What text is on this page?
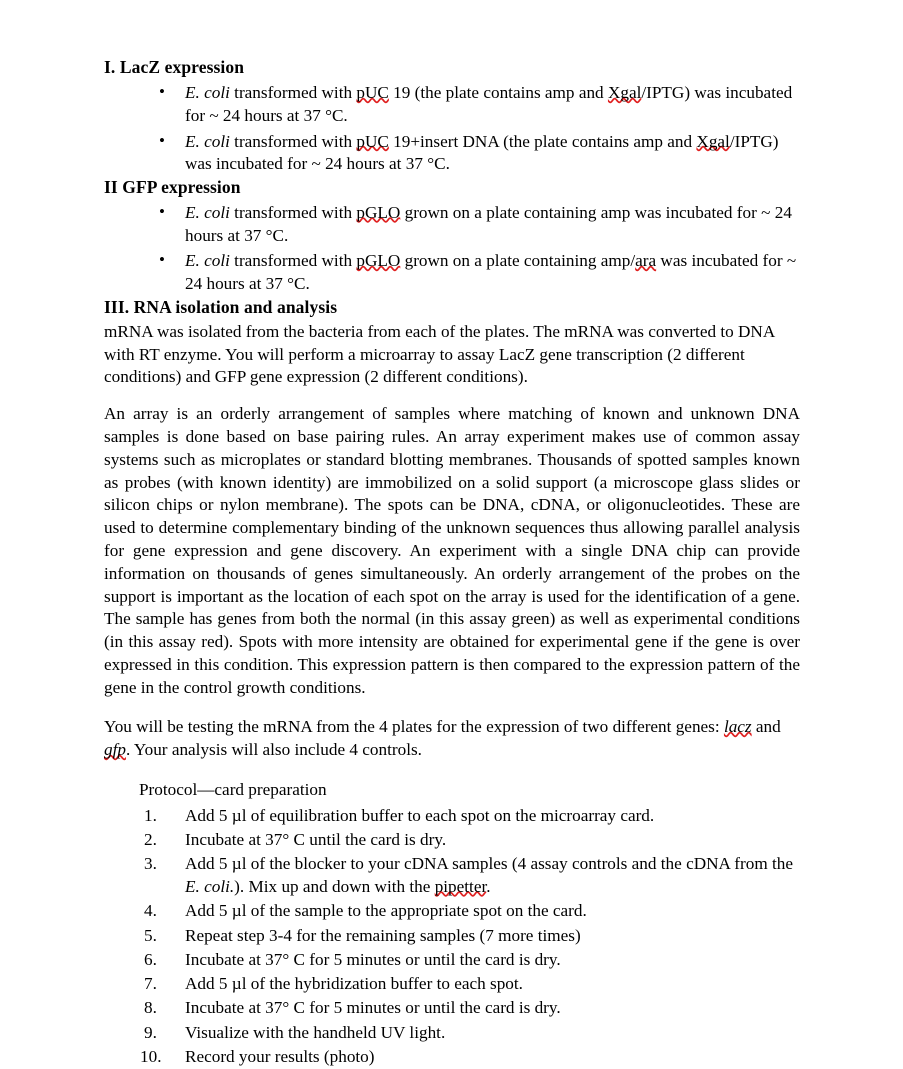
I. LacZ expression
• E. coli transformed with pUC 19 (the plate contains amp and Xgal/IPTG) was incubated for ~ 24 hours at 37 °C.
• E. coli transformed with pUC 19+insert DNA (the plate contains amp and Xgal/IPTG) was incubated for ~ 24 hours at 37 °C.
II GFP expression
• E. coli transformed with pGLO grown on a plate containing amp was incubated for ~ 24 hours at 37 °C.
• E. coli transformed with pGLO grown on a plate containing amp/ara was incubated for ~ 24 hours at 37 °C.
III. RNA isolation and analysis

mRNA was isolated from the bacteria from each of the plates. The mRNA was converted to DNA with RT enzyme. You will perform a microarray to assay LacZ gene transcription (2 different conditions) and GFP gene expression (2 different conditions).

An array is an orderly arrangement of samples where matching of known and unknown DNA samples is done based on base pairing rules. An array experiment makes use of common assay systems such as microplates or standard blotting membranes. Thousands of spotted samples known as probes (with known identity) are immobilized on a solid support (a microscope glass slides or silicon chips or nylon membrane). The spots can be DNA, cDNA, or oligonucleotides. These are used to determine complementary binding of the unknown sequences thus allowing parallel analysis for gene expression and gene discovery. An experiment with a single DNA chip can provide information on thousands of genes simultaneously. An orderly arrangement of the probes on the support is important as the location of each spot on the array is used for the identification of a gene. The sample has genes from both the normal (in this assay green) as well as experimental conditions (in this assay red). Spots with more intensity are obtained for experimental gene if the gene is over expressed in this condition. This expression pattern is then compared to the expression pattern of the gene in the control growth conditions.

You will be testing the mRNA from the 4 plates for the expression of two different genes: lacz and gfp. Your analysis will also include 4 controls.

Protocol—card preparation

1.	Add 5 µl of equilibration buffer to each spot on the microarray card.
2.	Incubate at 37° C until the card is dry.
3.	Add 5 µl of the blocker to your cDNA samples (4 assay controls and the cDNA from the E. coli.). Mix up and down with the pipetter.
4.	Add 5 µl of the sample to the appropriate spot on the card.
5.	Repeat step 3-4 for the remaining samples (7 more times)
6.	Incubate at 37° C for 5 minutes or until the card is dry.
7.	Add 5 µl of the hybridization buffer to each spot.
8.	Incubate at 37° C for 5 minutes or until the card is dry.
9.	Visualize with the handheld UV light.
10.	Record your results (photo)
